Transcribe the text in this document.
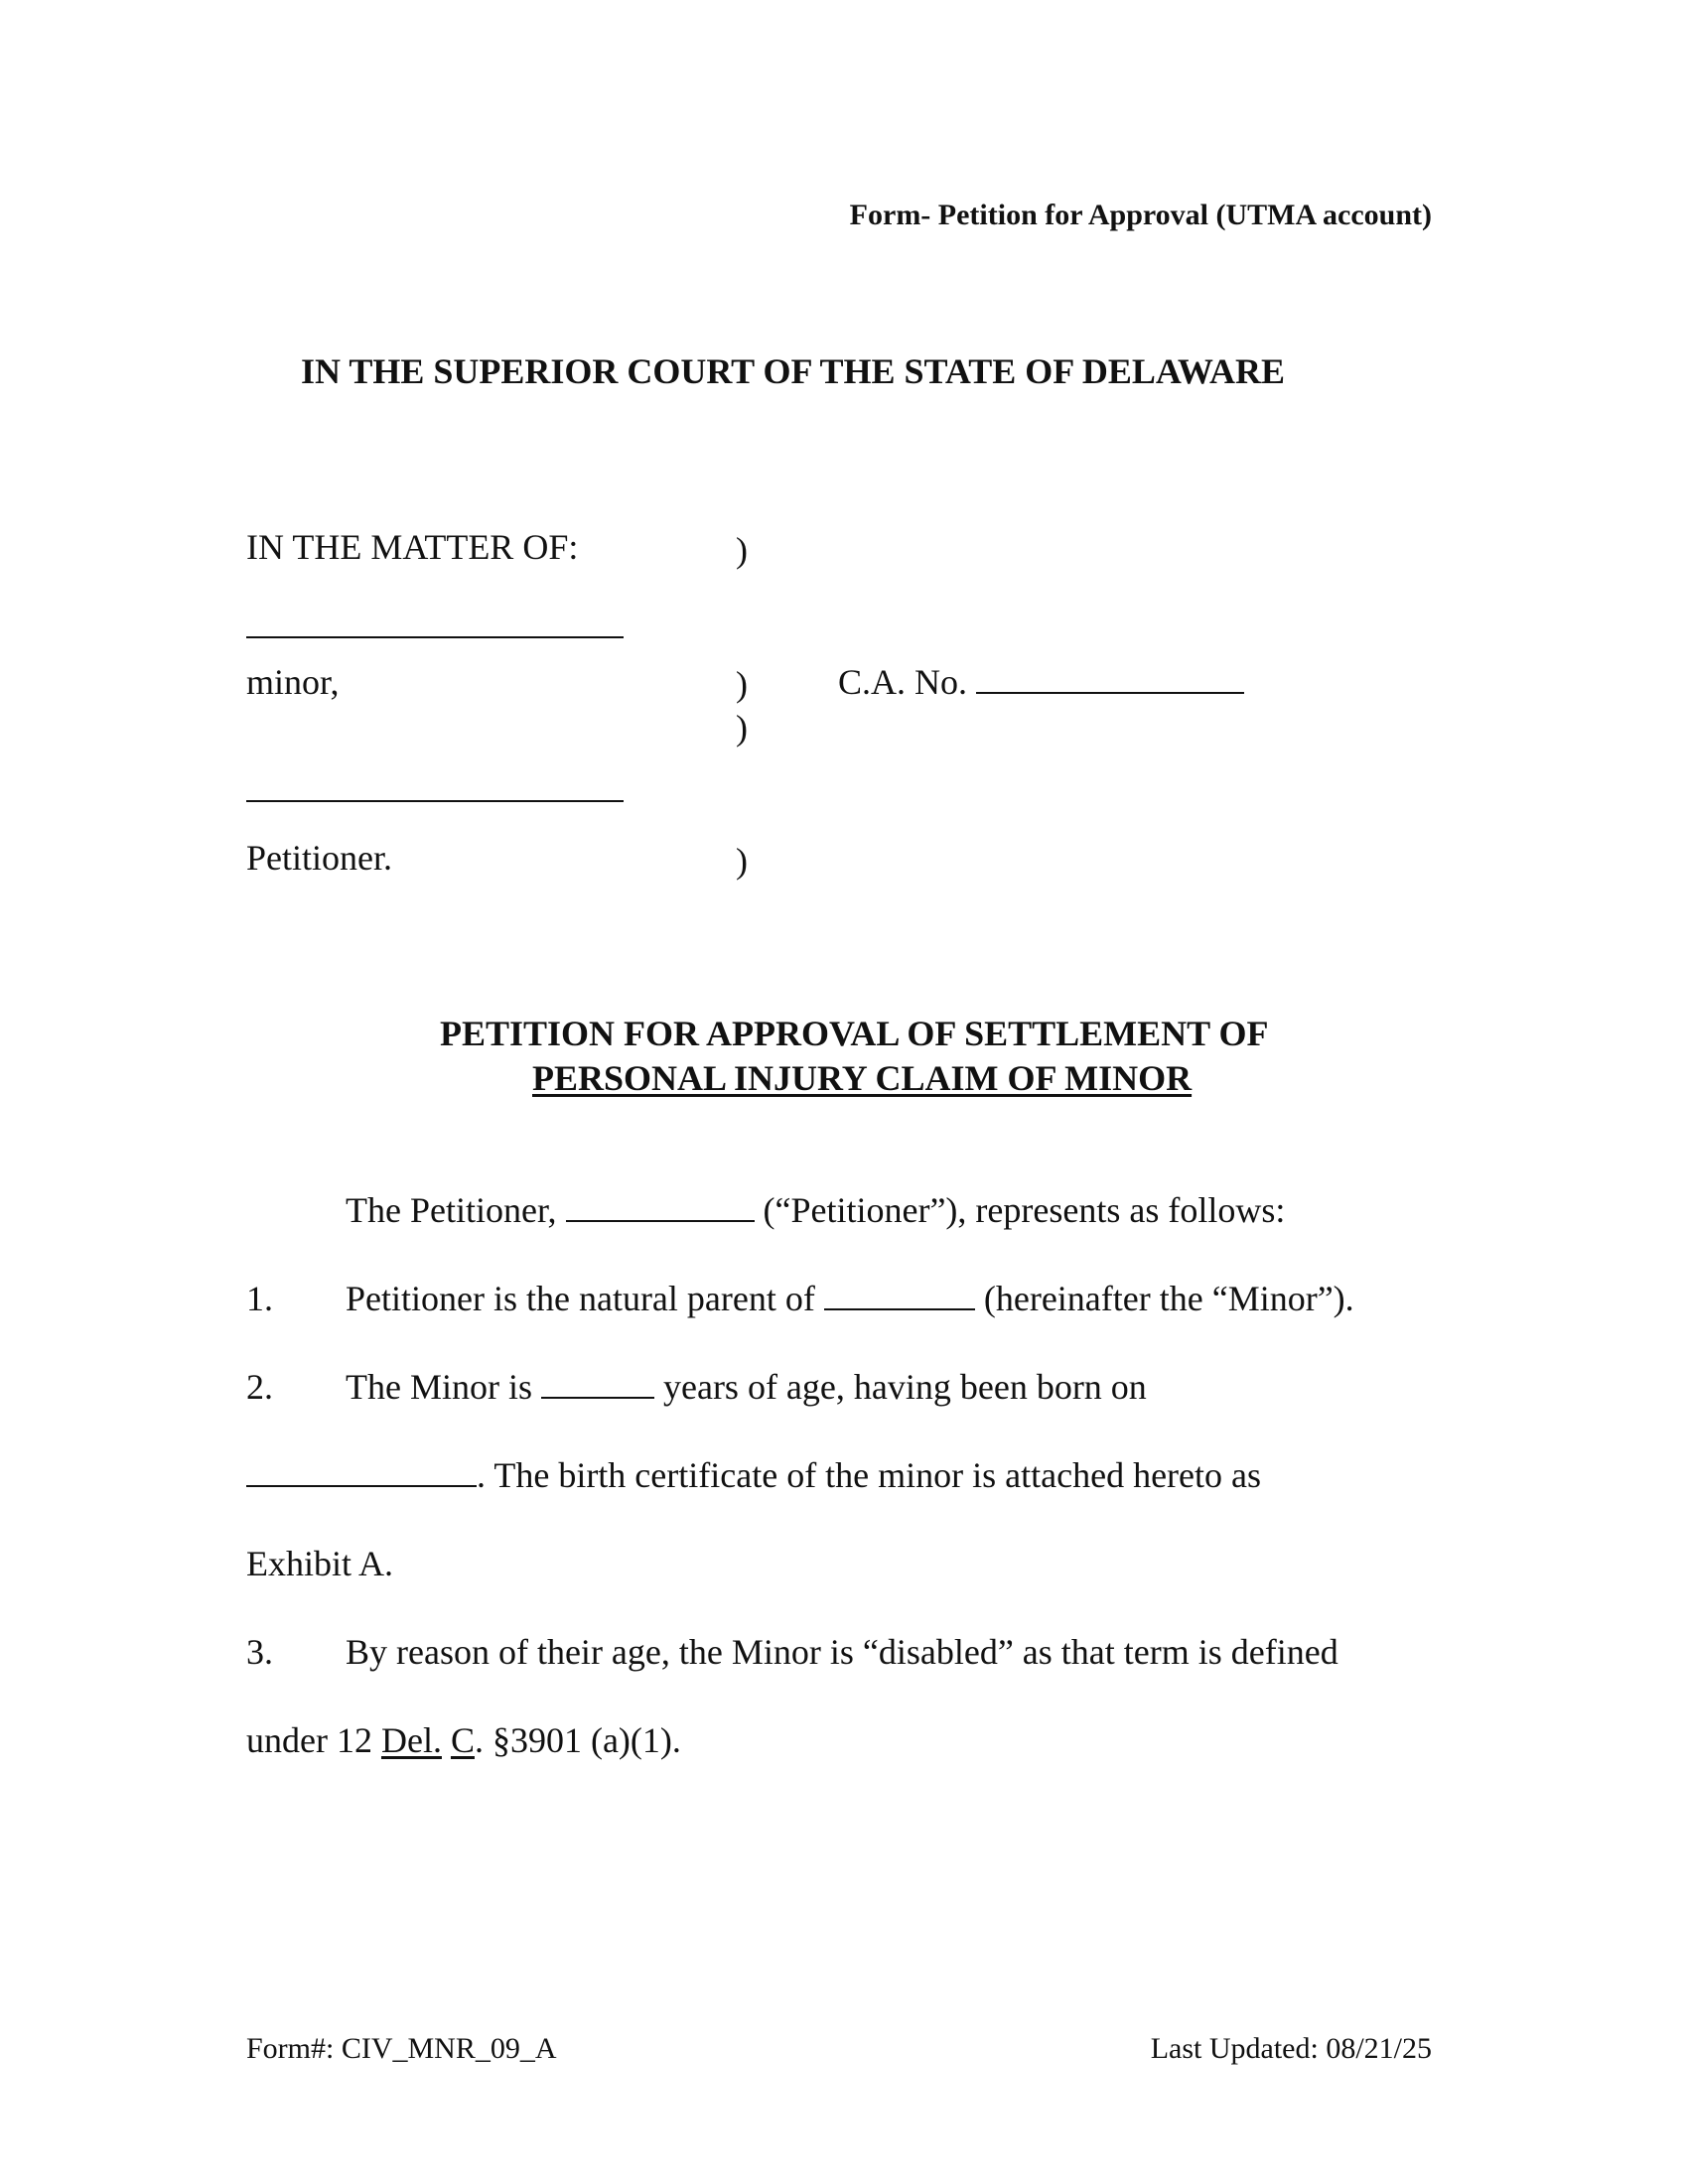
Form- Petition for Approval (UTMA account)
IN THE SUPERIOR COURT OF THE STATE OF DELAWARE
IN THE MATTER OF:	)
minor,	)
)
C.A. No.
Petitioner.	)
PETITION FOR APPROVAL OF SETTLEMENT OF
PERSONAL INJURY CLAIM OF MINOR
The Petitioner,	(“Petitioner”), represents as follows:
1. Petitioner is the natural parent of	(hereinafter the “Minor”).
2. The Minor is	years of age, having been born on
. The birth certificate of the minor is attached hereto as
Exhibit A.
3. By reason of their age, the Minor is “disabled” as that term is defined
under 12 Del. C. §3901 (a)(1).
Form#: CIV_MNR_09_A	Last Updated: 08/21/25
